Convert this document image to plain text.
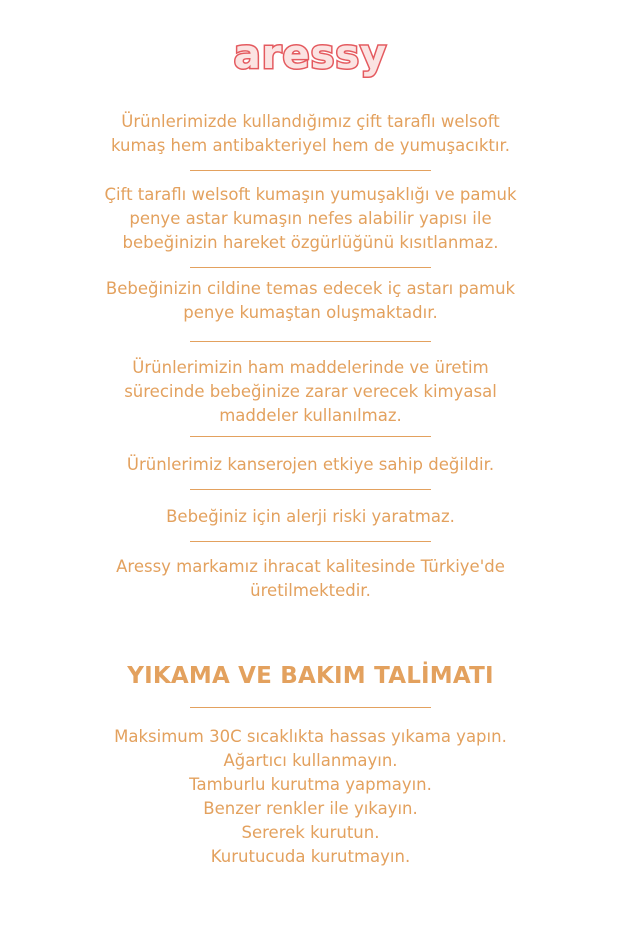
aressy

Ürünlerimizde kullandığımız çift taraflı welsoft
kumaş hem antibakteriyel hem de yumuşacıktır.

Çift taraflı welsoft kumaşın yumuşaklığı ve pamuk
penye astar kumaşın nefes alabilir yapısı ile
bebeğinizin hareket özgürlüğünü kısıtlanmaz.

Bebeğinizin cildine temas edecek iç astarı pamuk
penye kumaştan oluşmaktadır.

Ürünlerimizin ham maddelerinde ve üretim
sürecinde bebeğinize zarar verecek kimyasal
maddeler kullanılmaz.

Ürünlerimiz kanserojen etkiye sahip değildir.

Bebeğiniz için alerji riski yaratmaz.

Aressy markamız ihracat kalitesinde Türkiye'de
üretilmektedir.

YIKAMA VE BAKIM TALİMATI
Maksimum 30C sıcaklıkta hassas yıkama yapın.
Ağartıcı kullanmayın.
Tamburlu kurutma yapmayın.
Benzer renkler ile yıkayın.
Sererek kurutun.
Kurutucuda kurutmayın.
